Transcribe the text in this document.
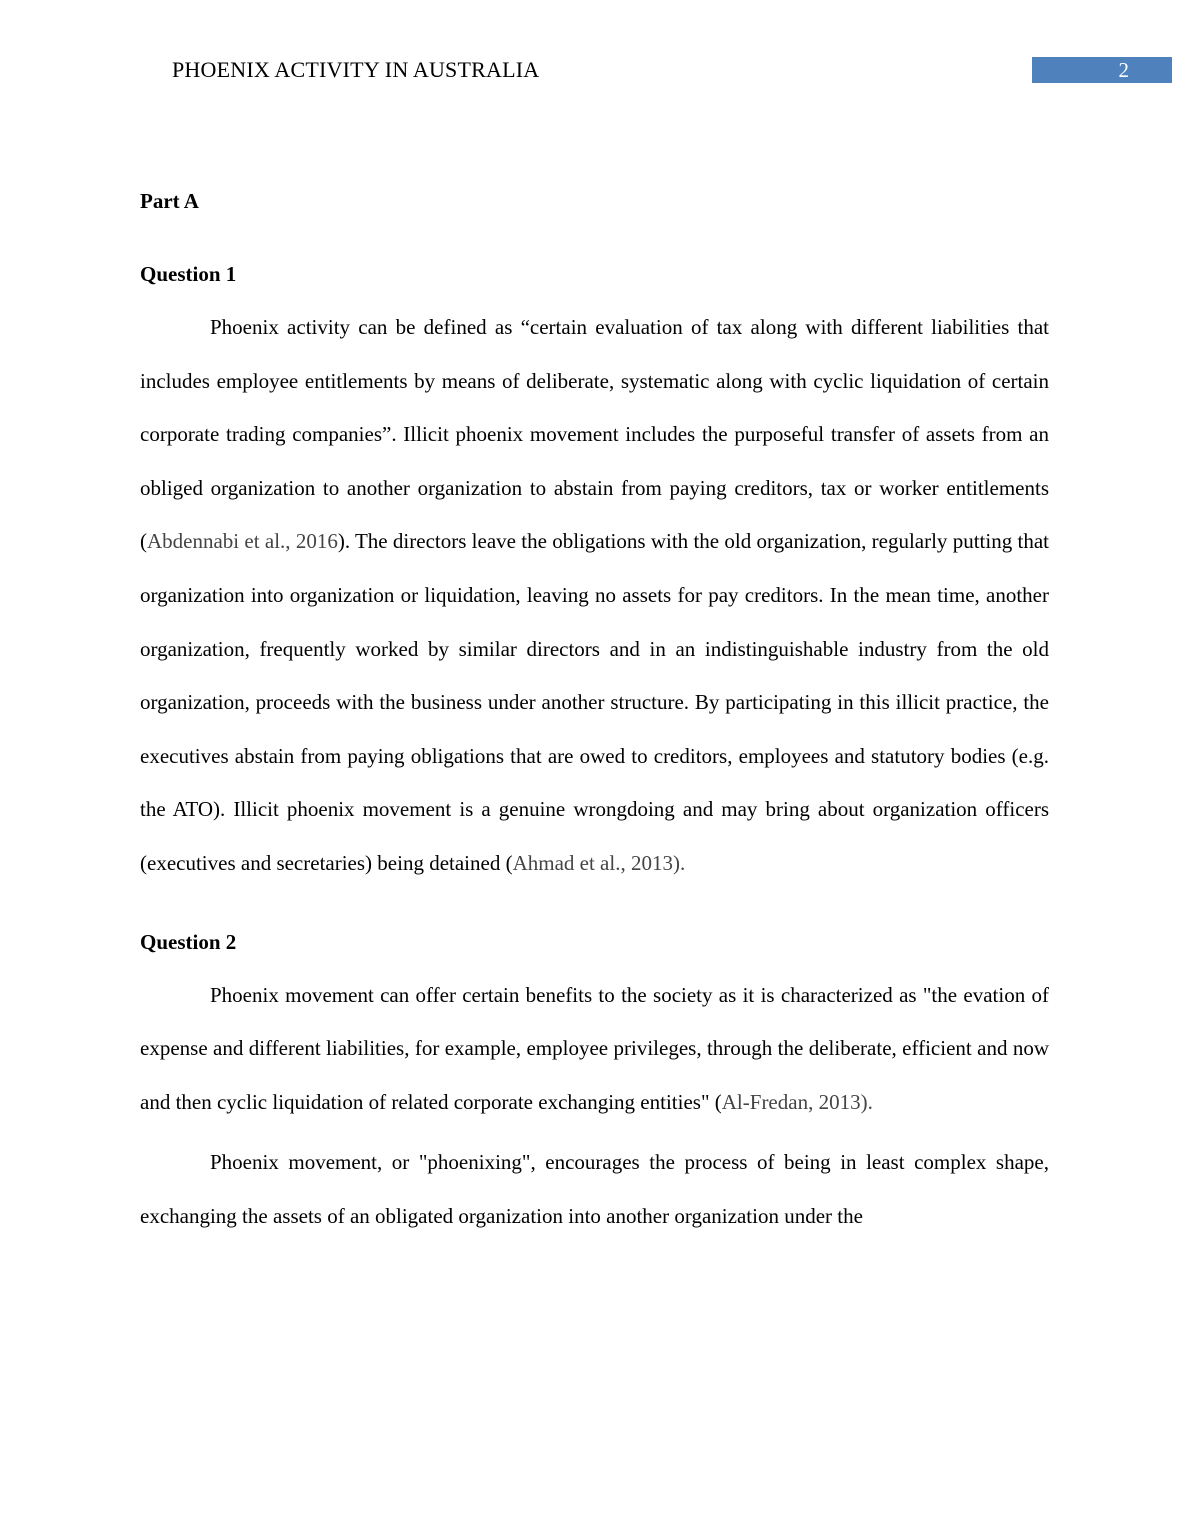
PHOENIX ACTIVITY IN AUSTRALIA	2

Part A

Question 1

Phoenix activity can be defined as “certain evaluation of tax along with different liabilities that includes employee entitlements by means of deliberate, systematic along with cyclic liquidation of certain corporate trading companies”. Illicit phoenix movement includes the purposeful transfer of assets from an obliged organization to another organization to abstain from paying creditors, tax or worker entitlements (Abdennabi et al., 2016). The directors leave the obligations with the old organization, regularly putting that organization into organization or liquidation, leaving no assets for pay creditors. In the mean time, another organization, frequently worked by similar directors and in an indistinguishable industry from the old organization, proceeds with the business under another structure. By participating in this illicit practice, the executives abstain from paying obligations that are owed to creditors, employees and statutory bodies (e.g. the ATO). Illicit phoenix movement is a genuine wrongdoing and may bring about organization officers (executives and secretaries) being detained (Ahmad et al., 2013).

Question 2

Phoenix movement can offer certain benefits to the society as it is characterized as "the evation of expense and different liabilities, for example, employee privileges, through the deliberate, efficient and now and then cyclic liquidation of related corporate exchanging entities" (Al-Fredan, 2013).

Phoenix movement, or "phoenixing", encourages the process of being in least complex shape, exchanging the assets of an obligated organization into another organization under the
